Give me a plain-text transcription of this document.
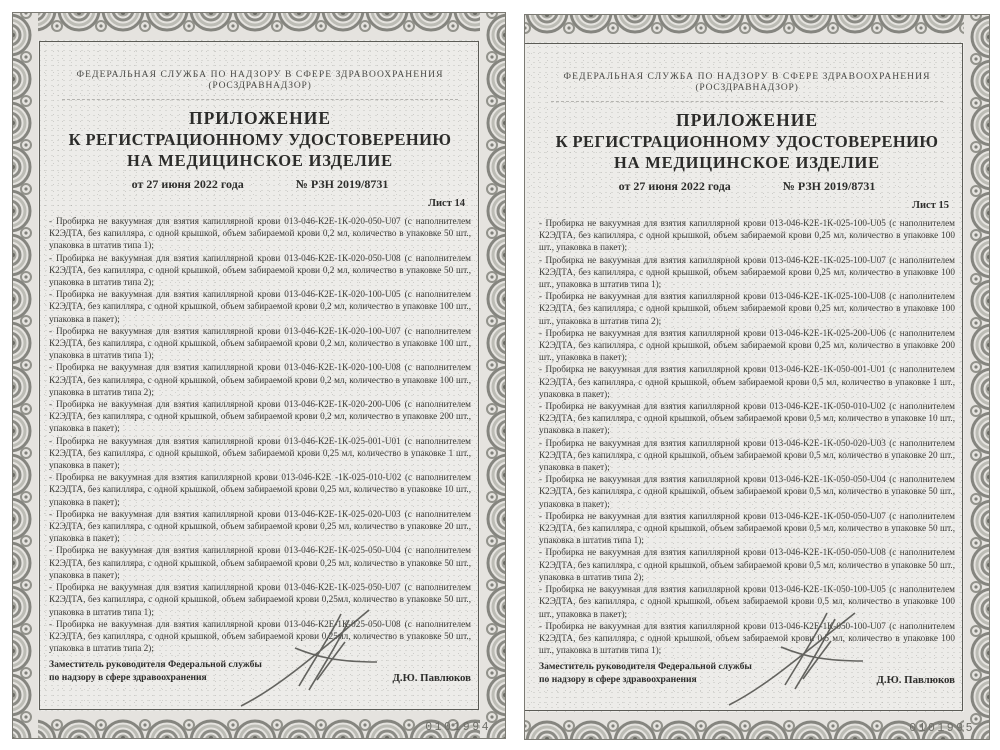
ФЕДЕРАЛЬНАЯ СЛУЖБА ПО НАДЗОРУ В СФЕРЕ ЗДРАВООХРАНЕНИЯ
(РОСЗДРАВНАДЗОР)
ПРИЛОЖЕНИЕ
К РЕГИСТРАЦИОННОМУ УДОСТОВЕРЕНИЮ
НА МЕДИЦИНСКОЕ ИЗДЕЛИЕ
от 27 июня 2022 года	№ РЗН 2019/8731
Лист 14

- Пробирка не вакуумная для взятия капиллярной крови 013-046-К2Е-1К-020-050-U07 (с наполнителем К2ЭДТА, без капилляра, с одной крышкой, объем забираемой крови 0,2 мл, количество в упаковке 50 шт., упаковка в штатив типа 1);

- Пробирка не вакуумная для взятия капиллярной крови 013-046-К2Е-1К-020-050-U08 (с наполнителем К2ЭДТА, без капилляра, с одной крышкой, объем забираемой крови 0,2 мл, количество в упаковке 50 шт., упаковка в штатив типа 2);

- Пробирка не вакуумная для взятия капиллярной крови 013-046-К2Е-1К-020-100-U05 (с наполнителем К2ЭДТА, без капилляра, с одной крышкой, объем забираемой крови 0,2 мл, количество в упаковке 100 шт., упаковка в пакет);

- Пробирка не вакуумная для взятия капиллярной крови 013-046-К2Е-1К-020-100-U07 (с наполнителем К2ЭДТА, без капилляра, с одной крышкой, объем забираемой крови 0,2 мл, количество в упаковке 100 шт., упаковка в штатив типа 1);

- Пробирка не вакуумная для взятия капиллярной крови 013-046-К2Е-1К-020-100-U08 (с наполнителем К2ЭДТА, без капилляра, с одной крышкой, объем забираемой крови 0,2 мл, количество в упаковке 100 шт., упаковка в штатив типа 2);

- Пробирка не вакуумная для взятия капиллярной крови 013-046-К2Е-1К-020-200-U06 (с наполнителем К2ЭДТА, без капилляра, с одной крышкой, объем забираемой крови 0,2 мл, количество в упаковке 200 шт., упаковка в пакет);

- Пробирка не вакуумная для взятия капиллярной крови 013-046-К2Е-1К-025-001-U01 (с наполнителем К2ЭДТА, без капилляра, с одной крышкой, объем забираемой крови 0,25 мл, количество в упаковке 1 шт., упаковка в пакет);

- Пробирка не вакуумная для взятия капиллярной крови 013-046-К2Е -1К-025-010-U02 (с наполнителем К2ЭДТА, без капилляра, с одной крышкой, объем забираемой крови 0,25 мл, количество в упаковке 10 шт., упаковка в пакет);

- Пробирка не вакуумная для взятия капиллярной крови 013-046-К2Е-1К-025-020-U03 (с наполнителем К2ЭДТА, без капилляра, с одной крышкой, объем забираемой крови 0,25 мл, количество в упаковке 20 шт., упаковка в пакет);

- Пробирка не вакуумная для взятия капиллярной крови 013-046-К2Е-1К-025-050-U04 (с наполнителем К2ЭДТА, без капилляра, с одной крышкой, объем забираемой крови 0,25 мл, количество в упаковке 50 шт., упаковка в пакет);

- Пробирка не вакуумная для взятия капиллярной крови 013-046-К2Е-1К-025-050-U07 (с наполнителем К2ЭДТА, без капилляра, с одной крышкой, объем забираемой крови 0,25мл, количество в упаковке 50 шт., упаковка в штатив типа 1);

- Пробирка не вакуумная для взятия капиллярной крови 013-046-К2Е-1К-025-050-U08 (с наполнителем К2ЭДТА, без капилляра, с одной крышкой, объем забираемой крови 0,25мл, количество в упаковке 50 шт., упаковка в штатив типа 2);

Заместитель руководителя Федеральной службы
по надзору в сфере здравоохранения	Д.Ю. Павлюков
0101994
ФЕДЕРАЛЬНАЯ СЛУЖБА ПО НАДЗОРУ В СФЕРЕ ЗДРАВООХРАНЕНИЯ
(РОСЗДРАВНАДЗОР)
ПРИЛОЖЕНИЕ
К РЕГИСТРАЦИОННОМУ УДОСТОВЕРЕНИЮ
НА МЕДИЦИНСКОЕ ИЗДЕЛИЕ
от 27 июня 2022 года	№ РЗН 2019/8731
Лист 15

- Пробирка не вакуумная для взятия капиллярной крови 013-046-К2Е-1К-025-100-U05 (с наполнителем К2ЭДТА, без капилляра, с одной крышкой, объем забираемой крови 0,25 мл, количество в упаковке 100 шт., упаковка в пакет);

- Пробирка не вакуумная для взятия капиллярной крови 013-046-К2Е-1К-025-100-U07 (с наполнителем К2ЭДТА, без капилляра, с одной крышкой, объем забираемой крови 0,25 мл, количество в упаковке 100 шт., упаковка в штатив типа 1);

- Пробирка не вакуумная для взятия капиллярной крови 013-046-К2Е-1К-025-100-U08 (с наполнителем К2ЭДТА, без капилляра, с одной крышкой, объем забираемой крови 0,25 мл, количество в упаковке 100 шт., упаковка в штатив типа 2);

- Пробирка не вакуумная для взятия капиллярной крови 013-046-К2Е-1К-025-200-U06 (с наполнителем К2ЭДТА, без капилляра, с одной крышкой, объем забираемой крови 0,25 мл, количество в упаковке 200 шт., упаковка в пакет);

- Пробирка не вакуумная для взятия капиллярной крови 013-046-К2Е-1К-050-001-U01 (с наполнителем К2ЭДТА, без капилляра, с одной крышкой, объем забираемой крови 0,5 мл, количество в упаковке 1 шт., упаковка в пакет);

- Пробирка не вакуумная для взятия капиллярной крови 013-046-К2Е-1К-050-010-U02 (с наполнителем К2ЭДТА, без капилляра, с одной крышкой, объем забираемой крови 0,5 мл, количество в упаковке 10 шт., упаковка в пакет);

- Пробирка не вакуумная для взятия капиллярной крови 013-046-К2Е-1К-050-020-U03 (с наполнителем К2ЭДТА, без капилляра, с одной крышкой, объем забираемой крови 0,5 мл, количество в упаковке 20 шт., упаковка в пакет);

- Пробирка не вакуумная для взятия капиллярной крови 013-046-К2Е-1К-050-050-U04 (с наполнителем К2ЭДТА, без капилляра, с одной крышкой, объем забираемой крови 0,5 мл, количество в упаковке 50 шт., упаковка в пакет);

- Пробирка не вакуумная для взятия капиллярной крови 013-046-К2Е-1К-050-050-U07 (с наполнителем К2ЭДТА, без капилляра, с одной крышкой, объем забираемой крови 0,5 мл, количество в упаковке 50 шт., упаковка в штатив типа 1);

- Пробирка не вакуумная для взятия капиллярной крови 013-046-К2Е-1К-050-050-U08 (с наполнителем К2ЭДТА, без капилляра, с одной крышкой, объем забираемой крови 0,5 мл, количество в упаковке 50 шт., упаковка в штатив типа 2);

- Пробирка не вакуумная для взятия капиллярной крови 013-046-К2Е-1К-050-100-U05 (с наполнителем К2ЭДТА, без капилляра, с одной крышкой, объем забираемой крови 0,5 мл, количество в упаковке 100 шт., упаковка в пакет);

- Пробирка не вакуумная для взятия капиллярной крови 013-046-К2Е-1К-050-100-U07 (с наполнителем К2ЭДТА, без капилляра, с одной крышкой, объем забираемой крови 0,5 мл, количество в упаковке 100 шт., упаковка в штатив типа 1);

Заместитель руководителя Федеральной службы
по надзору в сфере здравоохранения	Д.Ю. Павлюков
0101995
